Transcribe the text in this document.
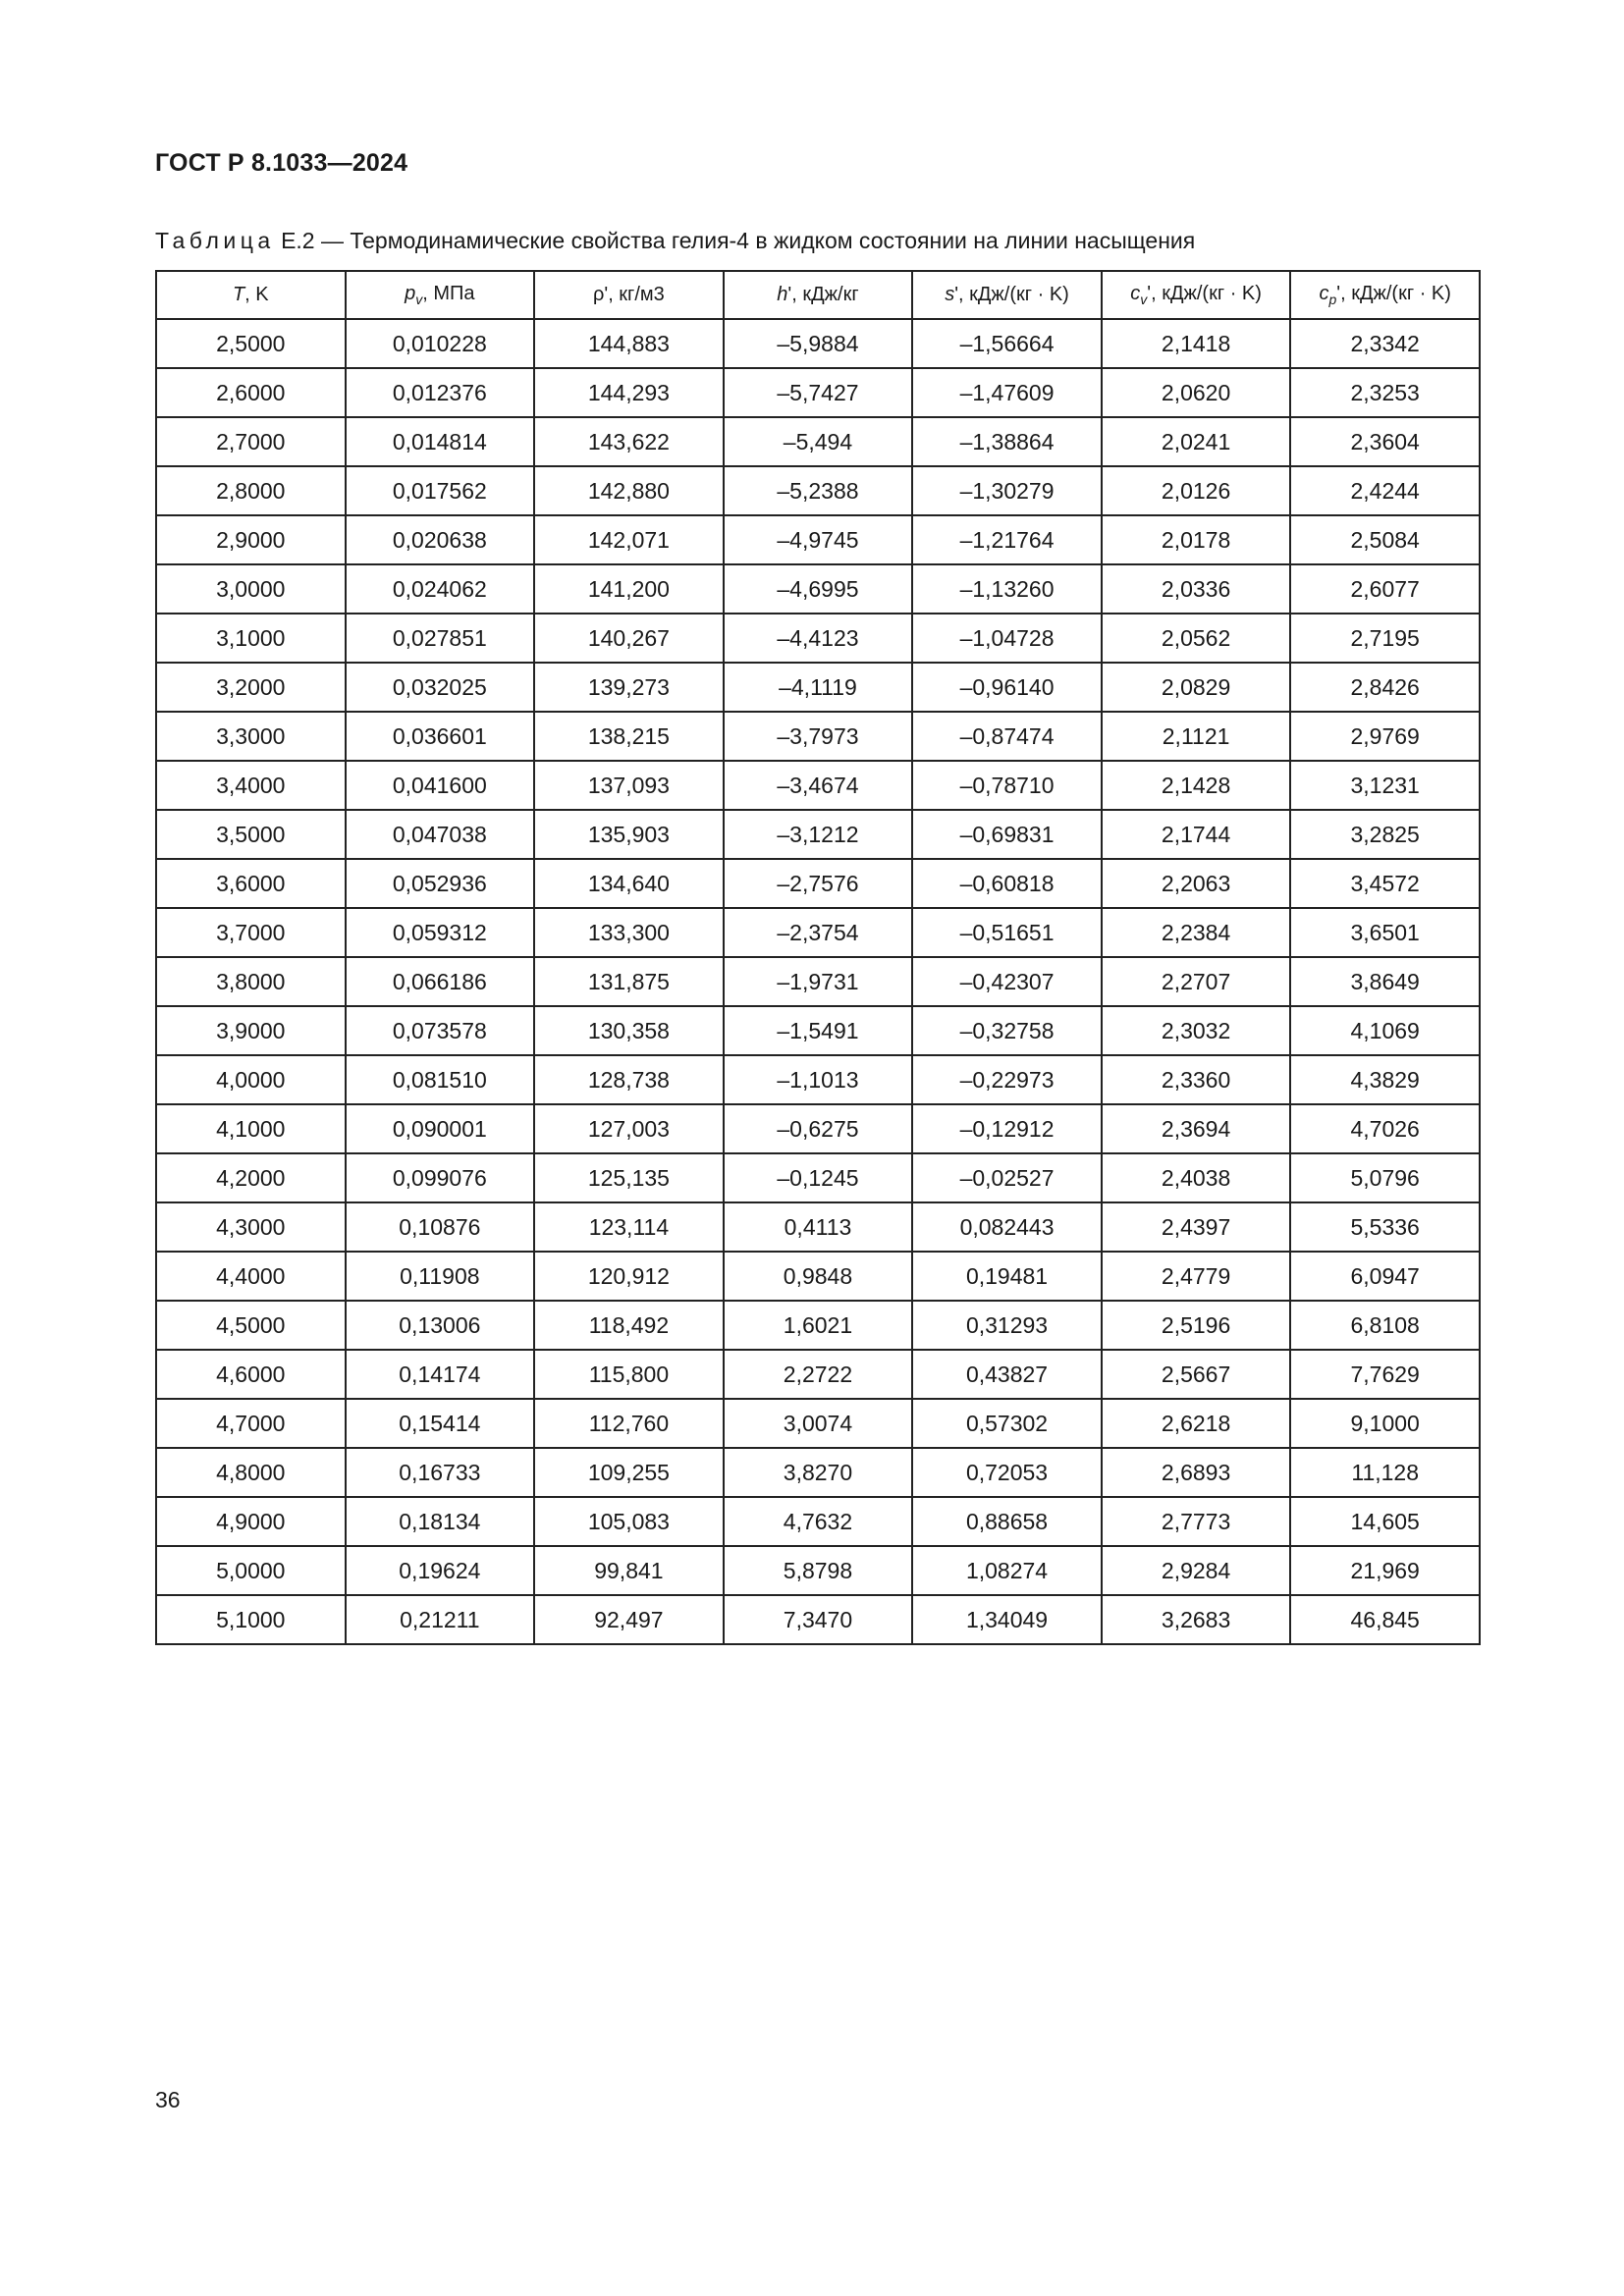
ГОСТ Р 8.1033—2024
Таблица Е.2 — Термодинамические свойства гелия-4 в жидком состоянии на линии насыщения
T, K	$p_v$, МПа	ρ', кг/м3	h', кДж/кг	s', кДж/(кг · K)	$c_v'$, кДж/(кг · K)	$c_p'$, кДж/(кг · K)
2,5000	0,010228	144,883	–5,9884	–1,56664	2,1418	2,3342
2,6000	0,012376	144,293	–5,7427	–1,47609	2,0620	2,3253
2,7000	0,014814	143,622	–5,494	–1,38864	2,0241	2,3604
2,8000	0,017562	142,880	–5,2388	–1,30279	2,0126	2,4244
2,9000	0,020638	142,071	–4,9745	–1,21764	2,0178	2,5084
3,0000	0,024062	141,200	–4,6995	–1,13260	2,0336	2,6077
3,1000	0,027851	140,267	–4,4123	–1,04728	2,0562	2,7195
3,2000	0,032025	139,273	–4,1119	–0,96140	2,0829	2,8426
3,3000	0,036601	138,215	–3,7973	–0,87474	2,1121	2,9769
3,4000	0,041600	137,093	–3,4674	–0,78710	2,1428	3,1231
3,5000	0,047038	135,903	–3,1212	–0,69831	2,1744	3,2825
3,6000	0,052936	134,640	–2,7576	–0,60818	2,2063	3,4572
3,7000	0,059312	133,300	–2,3754	–0,51651	2,2384	3,6501
3,8000	0,066186	131,875	–1,9731	–0,42307	2,2707	3,8649
3,9000	0,073578	130,358	–1,5491	–0,32758	2,3032	4,1069
4,0000	0,081510	128,738	–1,1013	–0,22973	2,3360	4,3829
4,1000	0,090001	127,003	–0,6275	–0,12912	2,3694	4,7026
4,2000	0,099076	125,135	–0,1245	–0,02527	2,4038	5,0796
4,3000	0,10876	123,114	0,4113	0,082443	2,4397	5,5336
4,4000	0,11908	120,912	0,9848	0,19481	2,4779	6,0947
4,5000	0,13006	118,492	1,6021	0,31293	2,5196	6,8108
4,6000	0,14174	115,800	2,2722	0,43827	2,5667	7,7629
4,7000	0,15414	112,760	3,0074	0,57302	2,6218	9,1000
4,8000	0,16733	109,255	3,8270	0,72053	2,6893	11,128
4,9000	0,18134	105,083	4,7632	0,88658	2,7773	14,605
5,0000	0,19624	99,841	5,8798	1,08274	2,9284	21,969
5,1000	0,21211	92,497	7,3470	1,34049	3,2683	46,845
36
